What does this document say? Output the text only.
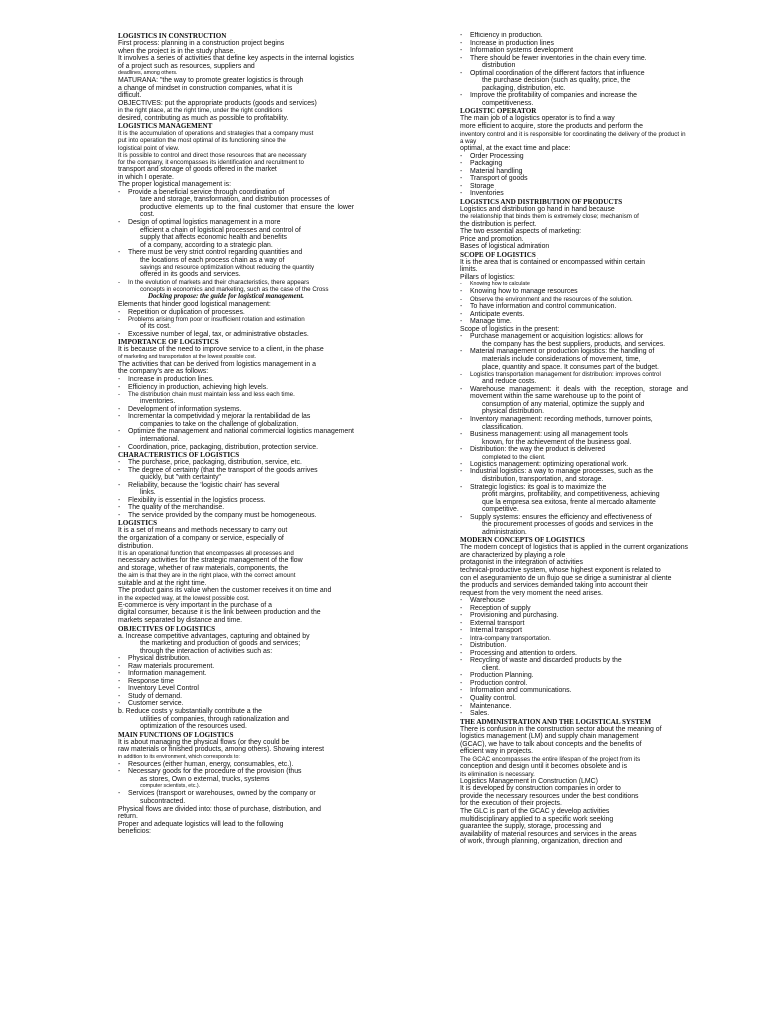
LOGISTICS IN CONSTRUCTION
First process: planning in a construction project begins
when the project is in the study phase.
It involves a series of activities that define key aspects in the internal logistics of a project such as resources, suppliers and
deadlines, among others.
MATURANA: "the way to promote greater logistics is through
a change of mindset in construction companies, what it is
difficult.
OBJECTIVES: put the appropriate products (goods and services)
in the right place, at the right time, under the right conditions
desired, contributing as much as possible to profitability.
LOGISTICS MANAGEMENT
It is the accumulation of operations and strategies that a company must
put into operation the most optimal of its functioning since the
logistical point of view.
It is possible to control and direct those resources that are necessary
for the company, it encompasses its identification and recruitment to
transport and storage of goods offered in the market
in which I operate.
The proper logistical management is:
- Provide a beneficial service through coordination of
tare and storage, transformation, and distribution processes of
productive elements up to the final customer that ensure the lower cost.
- Design of optimal logistics management in a more
efficient a chain of logistical processes and control of
supply that affects economic health and benefits
of a company, according to a strategic plan.
- There must be very strict control regarding quantities and
the locations of each process chain as a way of
savings and resource optimization without reducing the quantity
offered in its goods and services.
- In the evolution of markets and their characteristics, there appears
concepts in economics and marketing, such as the case of the Cross
Docking propose: the guide for logistical management.
Elements that hinder good logistical management:
- Repetition or duplication of processes.
- Problems arising from poor or insufficient rotation and estimation
of its cost.
- Excessive number of legal, tax, or administrative obstacles.
IMPORTANCE OF LOGISTICS
It is because of the need to improve service to a client, in the phase
of marketing and transportation at the lowest possible cost.
The activities that can be derived from logistics management in a
the company's are as follows:
- Increase in production lines.
- Efficiency in production, achieving high levels.
- The distribution chain must maintain less and less each time.
inventories.
- Development of information systems.
- Incrementar la competividad y mejorar la rentabilidad de las
companies to take on the challenge of globalization.
- Optimize the management and national commercial logistics management
international.
- Coordination, price, packaging, distribution, protection service.
CHARACTERISTICS OF LOGISTICS
- The purchase, price, packaging, distribution, service, etc.
- The degree of certainty (that the transport of the goods arrives
quickly, but "with certainty"
- Reliability, because the 'logistic chain' has several
links.
- Flexibility is essential in the logistics process.
- The quality of the merchandise.
- The service provided by the company must be homogeneous.
LOGISTICS
It is a set of means and methods necessary to carry out
the organization of a company or service, especially of
distribution.
It is an operational function that encompasses all processes and
necessary activities for the strategic management of the flow
and storage, whether of raw materials, components, the
the aim is that they are in the right place, with the correct amount
suitable and at the right time.
The product gains its value when the customer receives it on time and
in the expected way, at the lowest possible cost.
E-commerce is very important in the purchase of a
digital consumer, because it is the link between production and the
markets separated by distance and time.
OBJECTIVES OF LOGISTICS
a. Increase competitive advantages, capturing and obtained by
the marketing and production of goods and services;
through the interaction of activities such as:
- Physical distribution.
- Raw materials procurement.
- Information management.
- Response time
- Inventory Level Control
- Study of demand.
- Customer service.
b. Reduce costs y substantially contribute a the
utilities of companies, through rationalization and
optimization of the resources used.
MAIN FUNCTIONS OF LOGISTICS
It is about managing the physical flows (or they could be
raw materials or finished products, among others). Showing interest
in addition to its environment, which corresponds to:
- Resources (either human, energy, consumables, etc.).
- Necessary goods for the procedure of the provision (thus
as stores, Own o external, trucks, systems
computer scientists, etc.).
- Services (transport or warehouses, owned by the company or
subcontracted.
Physical flows are divided into: those of purchase, distribution, and
return.
Proper and adequate logistics will lead to the following
beneficios:
- Efficiency in production.
- Increase in production lines
- Information systems development
- There should be fewer inventories in the chain every time.
distribution
- Optimal coordination of the different factors that influence
the purchase decision (such as quality, price, the
packaging, distribution, etc.
- Improve the profitability of companies and increase the
competitiveness.
LOGISTIC OPERATOR
The main job of a logistics operator is to find a way
more efficient to acquire, store the products and perform the
inventory control and it is responsible for coordinating the delivery of the product in a way
optimal, at the exact time and place:
- Order Processing
- Packaging
- Material handling
- Transport of goods
- Storage
- Inventories
LOGISTICS AND DISTRIBUTION OF PRODUCTS
Logistics and distribution go hand in hand because
the relationship that binds them is extremely close; mechanism of
the distribution is perfect.
The two essential aspects of marketing:
Price and promotion.
Bases of logistical admiration
SCOPE OF LOGISTICS
It is the area that is contained or encompassed within certain
limits.
Pillars of logistics:
- Knowing how to calculate
- Knowing how to manage resources
- Observe the environment and the resources of the solution.
- To have information and control communication.
- Anticipate events.
- Manage time.
Scope of logistics in the present:
- Purchase management or acquisition logistics: allows for
the company has the best suppliers, products, and services.
- Material management or production logistics: the handling of
materials include considerations of movement, time,
place, quantity and space. It consumes part of the budget.
- Logistics transportation management for distribution: improves control
and reduce costs.
- Warehouse management: it deals with the reception, storage and movement within the same warehouse up to the point of
consumption of any material, optimize the supply and
physical distribution.
- Inventory management: recording methods, turnover points,
classification.
- Business management: using all management tools
known, for the achievement of the business goal.
- Distribution: the way the product is delivered
completed to the client.
- Logistics management: optimizing operational work.
- Industrial logistics: a way to manage processes, such as the
distribution, transportation, and storage.
- Strategic logistics: its goal is to maximize the
profit margins, profitability, and competitiveness, achieving
que la empresa sea exitosa, frente al mercado altamente
competitive.
- Supply systems: ensures the efficiency and effectiveness of
the procurement processes of goods and services in the
administration.
MODERN CONCEPTS OF LOGISTICS
The modern concept of logistics that is applied in the current organizations are characterized by playing a role
protagonist in the integration of activities
technical-productive system, whose highest exponent is related to
con el aseguramiento de un flujo que se dirige a suministrar al cliente
the products and services demanded taking into account their
request from the very moment the need arises.
- Warehouse
- Reception of supply
- Provisioning and purchasing.
- External transport
- Internal transport
- Intra-company transportation.
- Distribution.
- Processing and attention to orders.
- Recycling of waste and discarded products by the
client.
- Production Planning.
- Production control.
- Information and communications.
- Quality control.
- Maintenance.
- Sales.
THE ADMINISTRATION AND THE LOGISTICAL SYSTEM
There is confusion in the construction sector about the meaning of
logistics management (LM) and supply chain management
(GCAC), we have to talk about concepts and the benefits of
efficient way in projects.
The GCAC encompasses the entire lifespan of the project from its
conception and design until it becomes obsolete and is
its elimination is necessary.
Logistics Management in Construction (LMC)
It is developed by construction companies in order to
provide the necessary resources under the best conditions
for the execution of their projects.
The GLC is part of the GCAC y develop activities
multidisciplinary applied to a specific work seeking
guarantee the supply, storage, processing and
availability of material resources and services in the areas
of work, through planning, organization, direction and
